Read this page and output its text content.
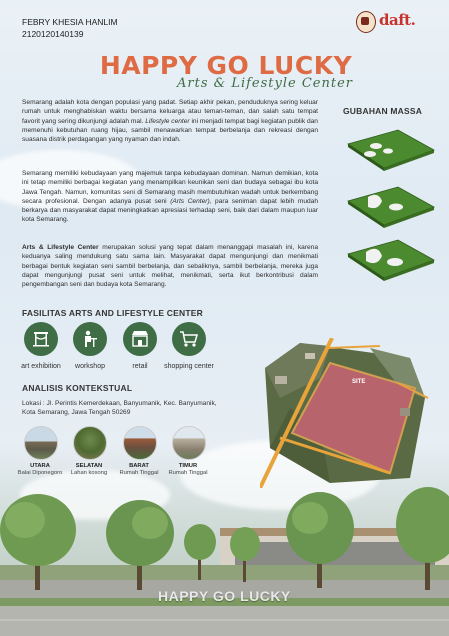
FEBRY KHESIA HANLIM
2120120140139
daft.
HAPPY GO LUCKY
Arts & Lifestyle Center

Semarang adalah kota dengan populasi yang padat. Setiap akhir pekan, penduduknya sering keluar rumah untuk menghabiskan waktu bersama keluarga atau teman-teman, dan salah satu tempat favorit yang sering dikunjungi adalah mal. Lifestyle center ini menjadi tempat bagi kegiatan publik dan memenuhi kebutuhan ruang hijau, sambil menawarkan tempat berbelanja dan rekreasi dengan suasana distrik perdagangan yang nyaman dan indah.

Semarang memiliki kebudayaan yang majemuk tanpa kebudayaan dominan. Namun demikian, kota ini tetap memiliki berbagai kegiatan yang menampilkan keunikan seni dan budaya sebagai ibu kota Jawa Tengah. Namun, komunitas seni di Semarang masih membutuhkan wadah untuk berkembang secara profesional. Dengan adanya pusat seni (Arts Center), para seniman dapat lebih mudah berkarya dan masyarakat dapat meningkatkan apresiasi terhadap seni, baik dari dalam maupun luar kota Semarang.

Arts & Lifestyle Center merupakan solusi yang tepat dalam menanggapi masalah ini, karena keduanya saling mendukung satu sama lain. Masyarakat dapat mengunjungi dan menikmati berbagai bentuk kegiatan seni sambil berbelanja, dan sebaliknya, sambil berbelanja, mereka juga dapat mengunjungi pusat seni untuk melihat, menikmati, serta ikut berkontribusi dalam pengembangan seni dan budaya kota Semarang.

GUBAHAN MASSA
FASILITAS ARTS AND LIFESTYLE CENTER
art exhibition	workshop	retail	shopping center
ANALISIS KONTEKSTUAL
Lokasi : Jl. Perintis Kemerdekaan, Banyumanik, Kec. Banyumanik, Kota Semarang, Jawa Tengah 50269
UTARA
Balai Diponegoro
SELATAN
Lahan kosong
BARAT
Rumah Tinggal
TIMUR
Rumah Tinggal
SITE
HAPPY GO LUCKY
